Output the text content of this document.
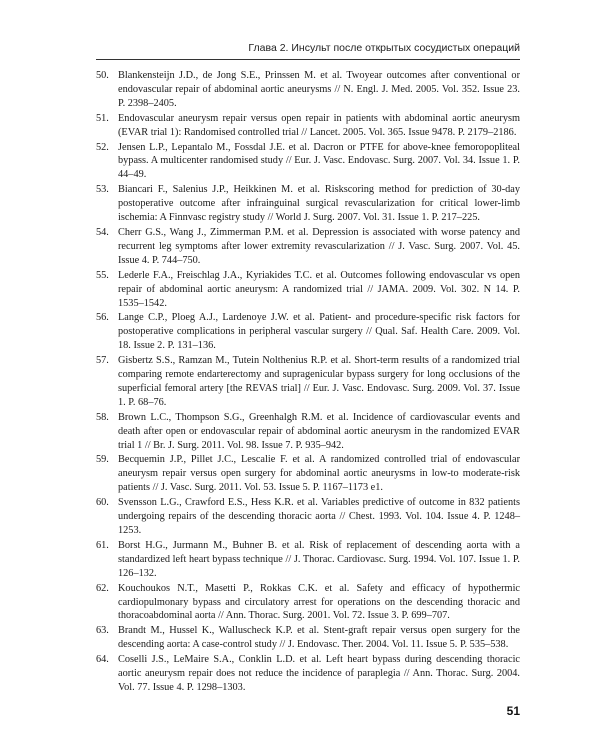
Глава 2. Инсульт после открытых сосудистых операций
50. Blankensteijn J.D., de Jong S.E., Prinssen M. et al. Twoyear outcomes after conventional or endovascular repair of abdominal aortic aneurysms // N. Engl. J. Med. 2005. Vol. 352. Issue 23. P. 2398–2405.
51. Endovascular aneurysm repair versus open repair in patients with abdominal aortic aneurysm (EVAR trial 1): Randomised controlled trial // Lancet. 2005. Vol. 365. Issue 9478. P. 2179–2186.
52. Jensen L.P., Lepantalo M., Fossdal J.E. et al. Dacron or PTFE for above-knee femoropopliteal bypass. A multicenter randomised study // Eur. J. Vasc. Endovasc. Surg. 2007. Vol. 34. Issue 1. P. 44–49.
53. Biancari F., Salenius J.P., Heikkinen M. et al. Riskscoring method for prediction of 30-day postoperative outcome after infrainguinal surgical revascularization for critical lower-limb ischemia: A Finnvasc registry study // World J. Surg. 2007. Vol. 31. Issue 1. P. 217–225.
54. Cherr G.S., Wang J., Zimmerman P.M. et al. Depression is associated with worse patency and recurrent leg symptoms after lower extremity revascularization // J. Vasc. Surg. 2007. Vol. 45. Issue 4. P. 744–750.
55. Lederle F.A., Freischlag J.A., Kyriakides T.C. et al. Outcomes following endovascular vs open repair of abdominal aortic aneurysm: A randomized trial // JAMA. 2009. Vol. 302. N 14. P. 1535–1542.
56. Lange C.P., Ploeg A.J., Lardenoye J.W. et al. Patient- and procedure-specific risk factors for postoperative complications in peripheral vascular surgery // Qual. Saf. Health Care. 2009. Vol. 18. Issue 2. P. 131–136.
57. Gisbertz S.S., Ramzan M., Tutein Nolthenius R.P. et al. Short-term results of a randomized trial comparing remote endarterectomy and supragenicular bypass surgery for long occlusions of the superficial femoral artery [the REVAS trial] // Eur. J. Vasc. Endovasc. Surg. 2009. Vol. 37. Issue 1. P. 68–76.
58. Brown L.C., Thompson S.G., Greenhalgh R.M. et al. Incidence of cardiovascular events and death after open or endovascular repair of abdominal aortic aneurysm in the randomized EVAR trial 1 // Br. J. Surg. 2011. Vol. 98. Issue 7. P. 935–942.
59. Becquemin J.P., Pillet J.C., Lescalie F. et al. A randomized controlled trial of endovascular aneurysm repair versus open surgery for abdominal aortic aneurysms in low-to moderate-risk patients // J. Vasc. Surg. 2011. Vol. 53. Issue 5. P. 1167–1173 e1.
60. Svensson L.G., Crawford E.S., Hess K.R. et al. Variables predictive of outcome in 832 patients undergoing repairs of the descending thoracic aorta // Chest. 1993. Vol. 104. Issue 4. P. 1248–1253.
61. Borst H.G., Jurmann M., Buhner B. et al. Risk of replacement of descending aorta with a standardized left heart bypass technique // J. Thorac. Cardiovasc. Surg. 1994. Vol. 107. Issue 1. P. 126–132.
62. Kouchoukos N.T., Masetti P., Rokkas C.K. et al. Safety and efficacy of hypothermic cardiopulmonary bypass and circulatory arrest for operations on the descending thoracic and thoracoabdominal aorta // Ann. Thorac. Surg. 2001. Vol. 72. Issue 3. P. 699–707.
63. Brandt M., Hussel K., Walluscheck K.P. et al. Stent-graft repair versus open surgery for the descending aorta: A case-control study // J. Endovasc. Ther. 2004. Vol. 11. Issue 5. P. 535–538.
64. Coselli J.S., LeMaire S.A., Conklin L.D. et al. Left heart bypass during descending thoracic aortic aneurysm repair does not reduce the incidence of paraplegia // Ann. Thorac. Surg. 2004. Vol. 77. Issue 4. P. 1298–1303.
51
